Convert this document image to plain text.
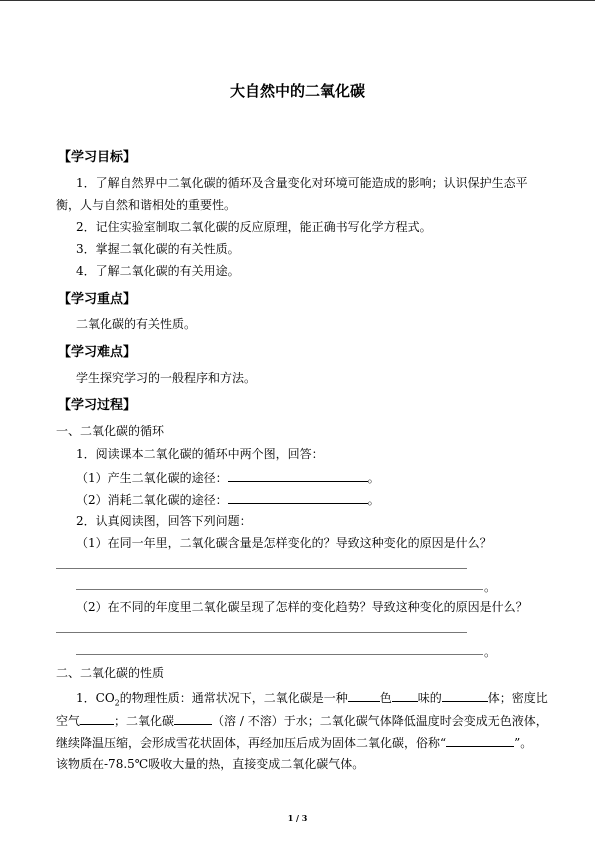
大自然中的二氧化碳
【学习目标】
1．了解自然界中二氧化碳的循环及含量变化对环境可能造成的影响；认识保护生态平
衡，人与自然和谐相处的重要性。
2．记住实验室制取二氧化碳的反应原理，能正确书写化学方程式。
3．掌握二氧化碳的有关性质。
4．了解二氧化碳的有关用途。
【学习重点】
二氧化碳的有关性质。
【学习难点】
学生探究学习的一般程序和方法。
【学习过程】
一、二氧化碳的循环
1．阅读课本二氧化碳的循环中两个图，回答：
（1）产生二氧化碳的途径：	。
（2）消耗二氧化碳的途径：	。
2．认真阅读图，回答下列问题：
（1）在同一年里，二氧化碳含量是怎样变化的？导致这种变化的原因是什么？
。
（2）在不同的年度里二氧化碳呈现了怎样的变化趋势？导致这种变化的原因是什么？
。
二、二氧化碳的性质
1．$CO_2$的物理性质：通常状况下，二氧化碳是一种	色 味的	体；密度比
空气	；二氧化碳	（溶 / 不溶）于水；二氧化碳气体降低温度时会变成无色液体，
继续降温压缩，会形成雪花状固体，再经加压后成为固体二氧化碳，俗称“	”。
该物质在-78.5℃吸收大量的热，直接变成二氧化碳气体。
1 / 3
